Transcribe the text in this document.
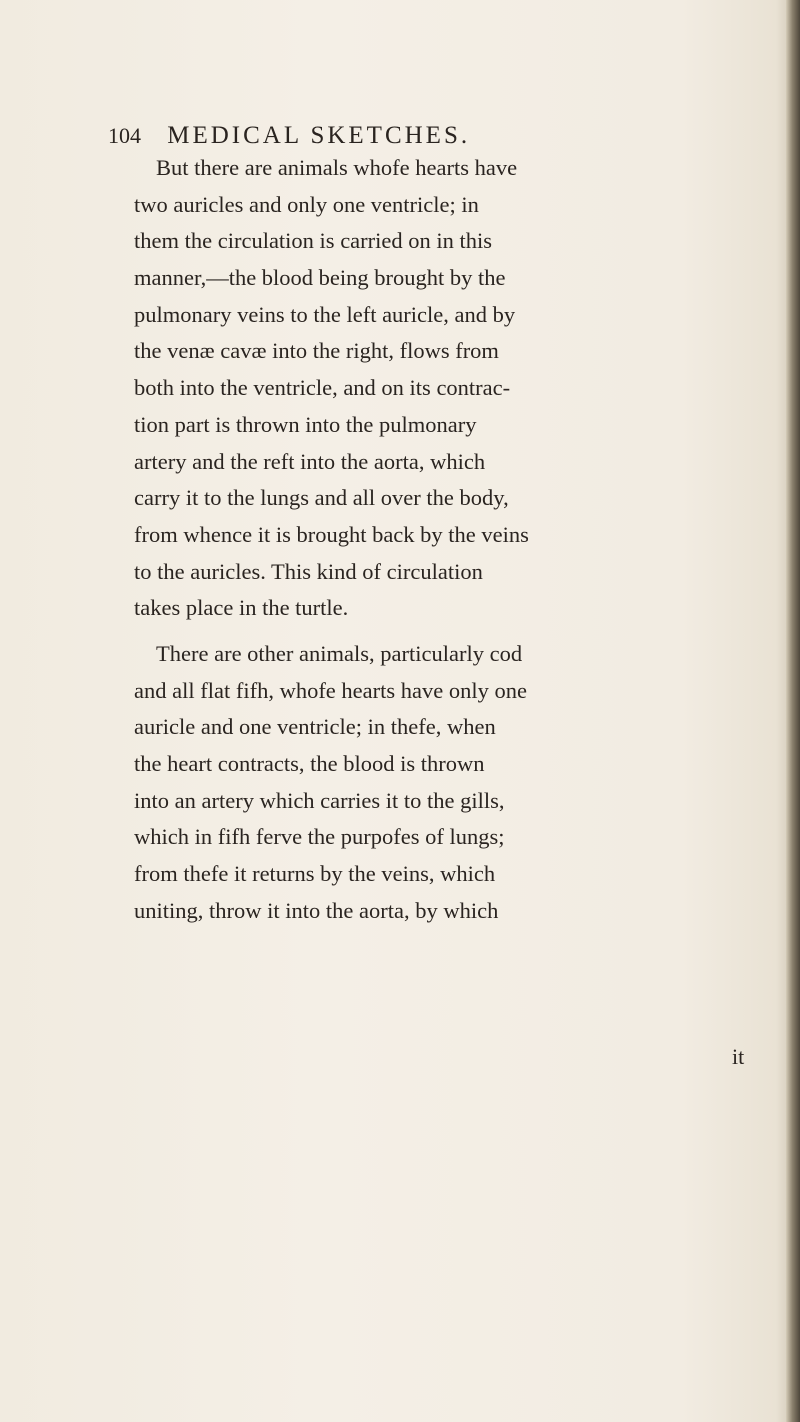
104 MEDICAL SKETCHES.
But there are animals whofe hearts have
two auricles and only one ventricle; in
them the circulation is carried on in this
manner,—the blood being brought by the
pulmonary veins to the left auricle, and by
the venæ cavæ into the right, flows from
both into the ventricle, and on its contrac-
tion part is thrown into the pulmonary
artery and the reft into the aorta, which
carry it to the lungs and all over the body,
from whence it is brought back by the veins
to the auricles. This kind of circulation
takes place in the turtle.
There are other animals, particularly cod
and all flat fifh, whofe hearts have only one
auricle and one ventricle; in thefe, when
the heart contracts, the blood is thrown
into an artery which carries it to the gills,
which in fifh ferve the purpofes of lungs;
from thefe it returns by the veins, which
uniting, throw it into the aorta, by which
it
